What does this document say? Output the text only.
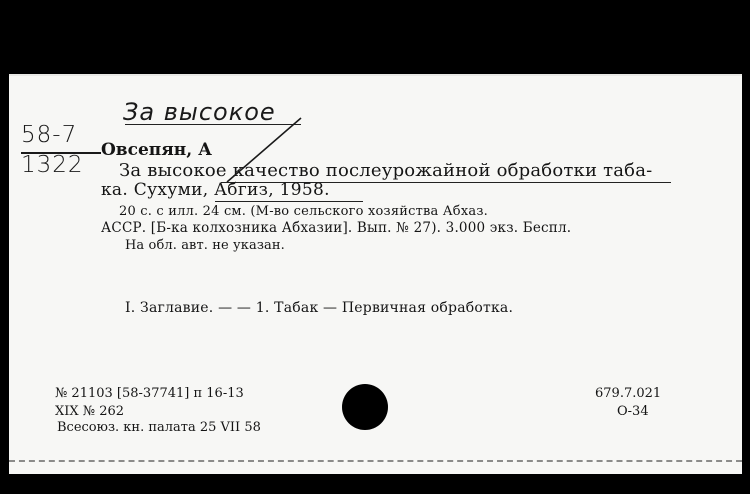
За высокое
58-7
1322
Овсепян, А
За высокое качество послеурожайной обработки таба-
ка. Сухуми, Абгиз, 1958.
20 с. с илл. 24 см. (М-во сельского хозяйства Абхаз.
АССР. [Б-ка колхозника Абхазии]. Вып. № 27). 3.000 экз. Беспл.
На обл. авт. не указан.
I. Заглавие. — — 1. Табак — Первичная обработка.
№ 21103 [58-37741] п 16-13
XIX № 262
Всесоюз. кн. палата 25 VII 58
679.7.021
О-34
